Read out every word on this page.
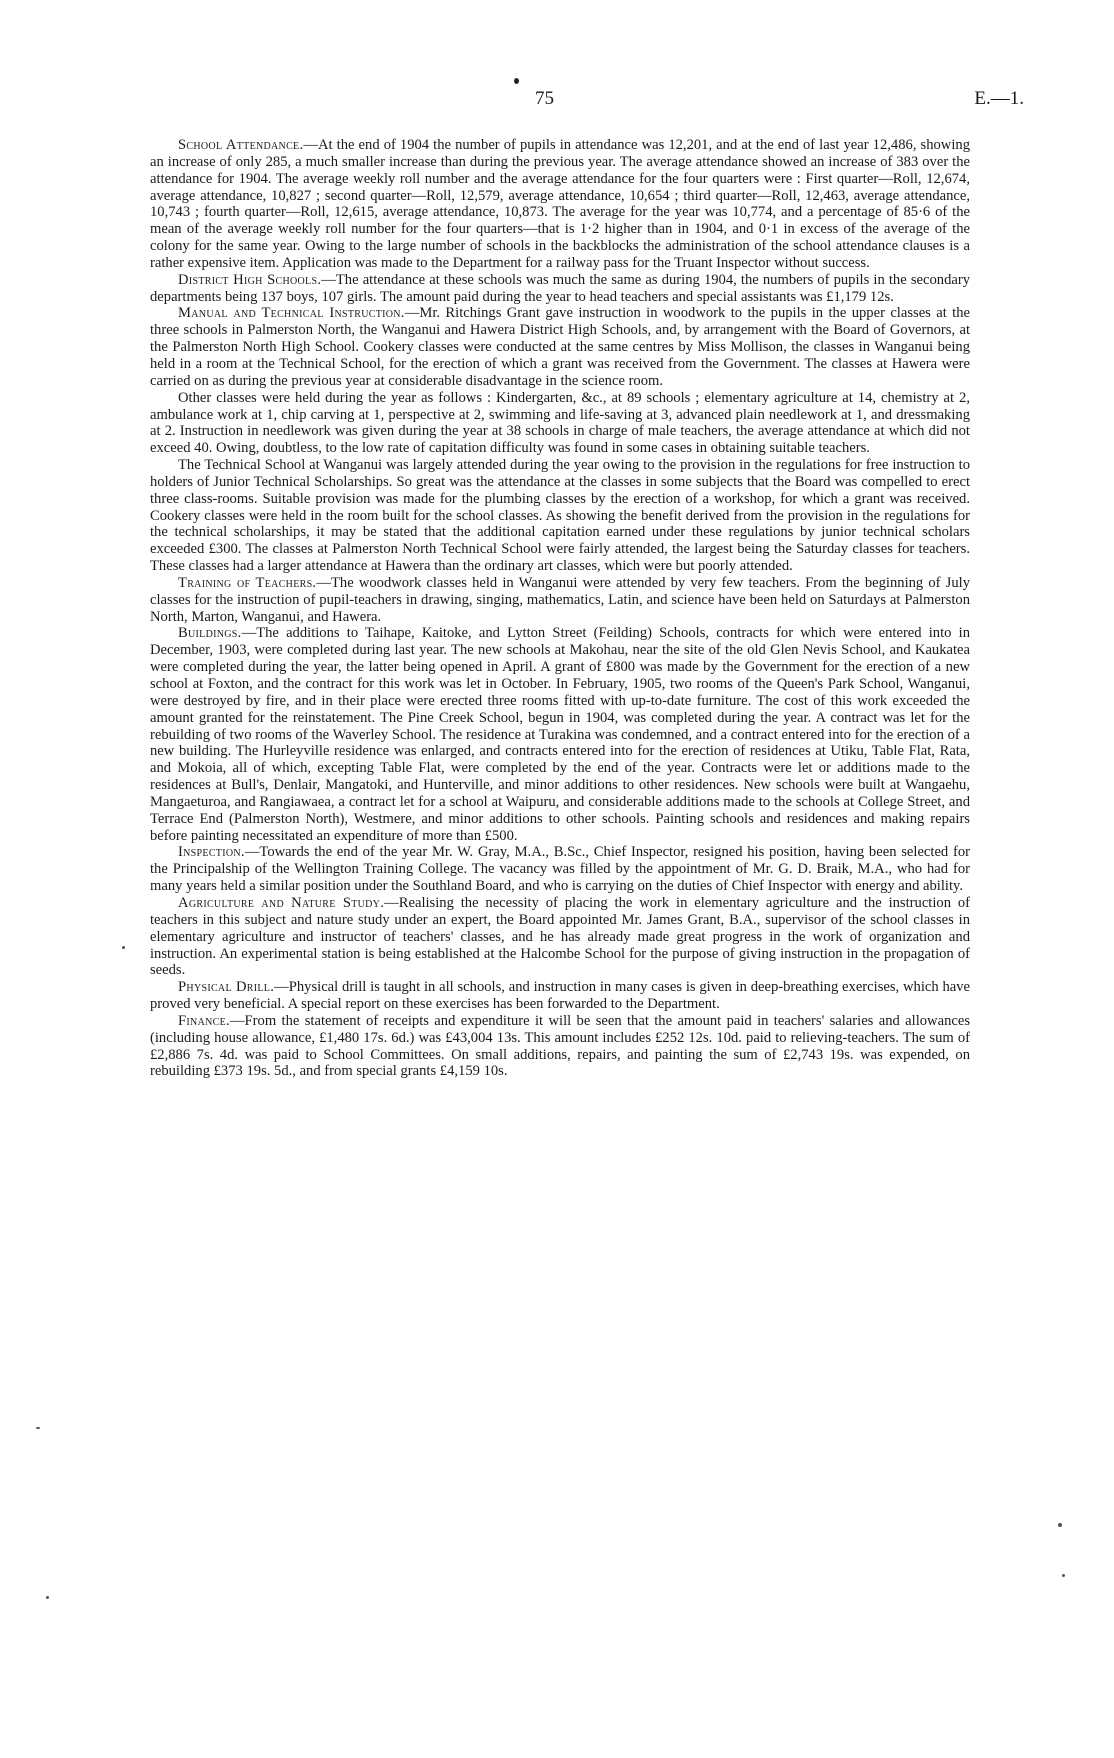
75	E.—1.

School Attendance.—At the end of 1904 the number of pupils in attendance was 12,201, and at the end of last year 12,486, showing an increase of only 285, a much smaller increase than during the previous year. The average attendance showed an increase of 383 over the attendance for 1904. The average weekly roll number and the average attendance for the four quarters were : First quarter—Roll, 12,674, average attendance, 10,827 ; second quarter—Roll, 12,579, average attendance, 10,654 ; third quarter—Roll, 12,463, average attendance, 10,743 ; fourth quarter—Roll, 12,615, average attendance, 10,873. The average for the year was 10,774, and a percentage of 85·6 of the mean of the average weekly roll number for the four quarters—that is 1·2 higher than in 1904, and 0·1 in excess of the average of the colony for the same year. Owing to the large number of schools in the backblocks the administration of the school attendance clauses is a rather expensive item. Application was made to the Department for a railway pass for the Truant Inspector without success.

District High Schools.—The attendance at these schools was much the same as during 1904, the numbers of pupils in the secondary departments being 137 boys, 107 girls. The amount paid during the year to head teachers and special assistants was £1,179 12s.

Manual and Technical Instruction.—Mr. Ritchings Grant gave instruction in woodwork to the pupils in the upper classes at the three schools in Palmerston North, the Wanganui and Hawera District High Schools, and, by arrangement with the Board of Governors, at the Palmerston North High School. Cookery classes were conducted at the same centres by Miss Mollison, the classes in Wanganui being held in a room at the Technical School, for the erection of which a grant was received from the Government. The classes at Hawera were carried on as during the previous year at considerable disadvantage in the science room.

Other classes were held during the year as follows : Kindergarten, &c., at 89 schools ; elementary agriculture at 14, chemistry at 2, ambulance work at 1, chip carving at 1, perspective at 2, swimming and life-saving at 3, advanced plain needlework at 1, and dressmaking at 2. Instruction in needlework was given during the year at 38 schools in charge of male teachers, the average attendance at which did not exceed 40. Owing, doubtless, to the low rate of capitation difficulty was found in some cases in obtaining suitable teachers.

The Technical School at Wanganui was largely attended during the year owing to the provision in the regulations for free instruction to holders of Junior Technical Scholarships. So great was the attendance at the classes in some subjects that the Board was compelled to erect three class-rooms. Suitable provision was made for the plumbing classes by the erection of a workshop, for which a grant was received. Cookery classes were held in the room built for the school classes. As showing the benefit derived from the provision in the regulations for the technical scholarships, it may be stated that the additional capitation earned under these regulations by junior technical scholars exceeded £300. The classes at Palmerston North Technical School were fairly attended, the largest being the Saturday classes for teachers. These classes had a larger attendance at Hawera than the ordinary art classes, which were but poorly attended.

Training of Teachers.—The woodwork classes held in Wanganui were attended by very few teachers. From the beginning of July classes for the instruction of pupil-teachers in drawing, singing, mathematics, Latin, and science have been held on Saturdays at Palmerston North, Marton, Wanganui, and Hawera.

Buildings.—The additions to Taihape, Kaitoke, and Lytton Street (Feilding) Schools, contracts for which were entered into in December, 1903, were completed during last year. The new schools at Makohau, near the site of the old Glen Nevis School, and Kaukatea were completed during the year, the latter being opened in April. A grant of £800 was made by the Government for the erection of a new school at Foxton, and the contract for this work was let in October. In February, 1905, two rooms of the Queen's Park School, Wanganui, were destroyed by fire, and in their place were erected three rooms fitted with up-to-date furniture. The cost of this work exceeded the amount granted for the reinstatement. The Pine Creek School, begun in 1904, was completed during the year. A contract was let for the rebuilding of two rooms of the Waverley School. The residence at Turakina was condemned, and a contract entered into for the erection of a new building. The Hurleyville residence was enlarged, and contracts entered into for the erection of residences at Utiku, Table Flat, Rata, and Mokoia, all of which, excepting Table Flat, were completed by the end of the year. Contracts were let or additions made to the residences at Bull's, Denlair, Mangatoki, and Hunterville, and minor additions to other residences. New schools were built at Wangaehu, Mangaeturoa, and Rangiawaea, a contract let for a school at Waipuru, and considerable additions made to the schools at College Street, and Terrace End (Palmerston North), Westmere, and minor additions to other schools. Painting schools and residences and making repairs before painting necessitated an expenditure of more than £500.

Inspection.—Towards the end of the year Mr. W. Gray, M.A., B.Sc., Chief Inspector, resigned his position, having been selected for the Principalship of the Wellington Training College. The vacancy was filled by the appointment of Mr. G. D. Braik, M.A., who had for many years held a similar position under the Southland Board, and who is carrying on the duties of Chief Inspector with energy and ability.

Agriculture and Nature Study.—Realising the necessity of placing the work in elementary agriculture and the instruction of teachers in this subject and nature study under an expert, the Board appointed Mr. James Grant, B.A., supervisor of the school classes in elementary agriculture and instructor of teachers' classes, and he has already made great progress in the work of organization and instruction. An experimental station is being established at the Halcombe School for the purpose of giving instruction in the propagation of seeds.

Physical Drill.—Physical drill is taught in all schools, and instruction in many cases is given in deep-breathing exercises, which have proved very beneficial. A special report on these exercises has been forwarded to the Department.

Finance.—From the statement of receipts and expenditure it will be seen that the amount paid in teachers' salaries and allowances (including house allowance, £1,480 17s. 6d.) was £43,004 13s. This amount includes £252 12s. 10d. paid to relieving-teachers. The sum of £2,886 7s. 4d. was paid to School Committees. On small additions, repairs, and painting the sum of £2,743 19s. was expended, on rebuilding £373 19s. 5d., and from special grants £4,159 10s.
